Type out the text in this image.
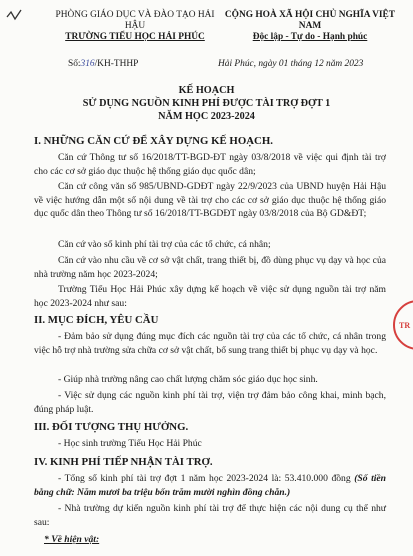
PHÒNG GIÁO DỤC VÀ ĐÀO TẠO HẢI HẬU
TRƯỜNG TIỂU HỌC HẢI PHÚC
CỘNG HOÀ XÃ HỘI CHỦ NGHĨA VIỆT NAM
Độc lập - Tự do - Hạnh phúc
Số:316/KH-THHP	Hải Phúc, ngày 01 tháng 12 năm 2023
KẾ HOẠCH
SỬ DỤNG NGUỒN KINH PHÍ ĐƯỢC TÀI TRỢ ĐỢT 1
NĂM HỌC 2023-2024
I. NHỮNG CĂN CỨ ĐỂ XÂY DỰNG KẾ HOẠCH.
Căn cứ Thông tư số 16/2018/TT-BGD-ĐT ngày 03/8/2018 về việc qui định tài trợ cho các cơ sở giáo dục thuộc hệ thống giáo dục quốc dân;
Căn cứ công văn số 985/UBND-GDĐT ngày 22/9/2023 của UBND huyện Hải Hậu về việc hướng dẫn một số nội dung về tài trợ cho các cơ sở giáo dục thuộc hệ thống giáo dục quốc dân theo Thông tư số 16/2018/TT-BGDĐT ngày 03/8/2018 của Bộ GD&ĐT;
Căn cứ vào số kinh phí tài trợ của các tổ chức, cá nhân;
Căn cứ vào nhu cầu về cơ sở vật chất, trang thiết bị, đồ dùng phục vụ dạy và học của nhà trường năm học 2023-2024;
Trường Tiểu Học Hải Phúc xây dựng kế hoạch về việc sử dụng nguồn tài trợ năm học 2023-2024 như sau:
II. MỤC ĐÍCH, YÊU CẦU
- Đảm bảo sử dụng đúng mục đích các nguồn tài trợ của các tổ chức, cá nhân trong việc hỗ trợ nhà trường sửa chữa cơ sở vật chất, bổ sung trang thiết bị phục vụ dạy và học.
- Giúp nhà trường nâng cao chất lượng chăm sóc giáo dục học sinh.
- Việc sử dụng các nguồn kinh phí tài trợ, viện trợ đảm bảo công khai, minh bạch, đúng pháp luật.
III. ĐỐI TƯỢNG THỤ HƯỞNG.
- Học sinh trường Tiểu Học Hải Phúc
IV. KINH PHÍ TIẾP NHẬN TÀI TRỢ.
- Tổng số kinh phí tài trợ đợt 1 năm học 2023-2024 là: 53.410.000 đồng (Số tiền bằng chữ: Năm mươi ba triệu bốn trăm mười nghìn đồng chẵn.)
- Nhà trường dự kiến nguồn kinh phí tài trợ để thực hiện các nội dung cụ thể như sau:
* Về hiện vật:
TR
